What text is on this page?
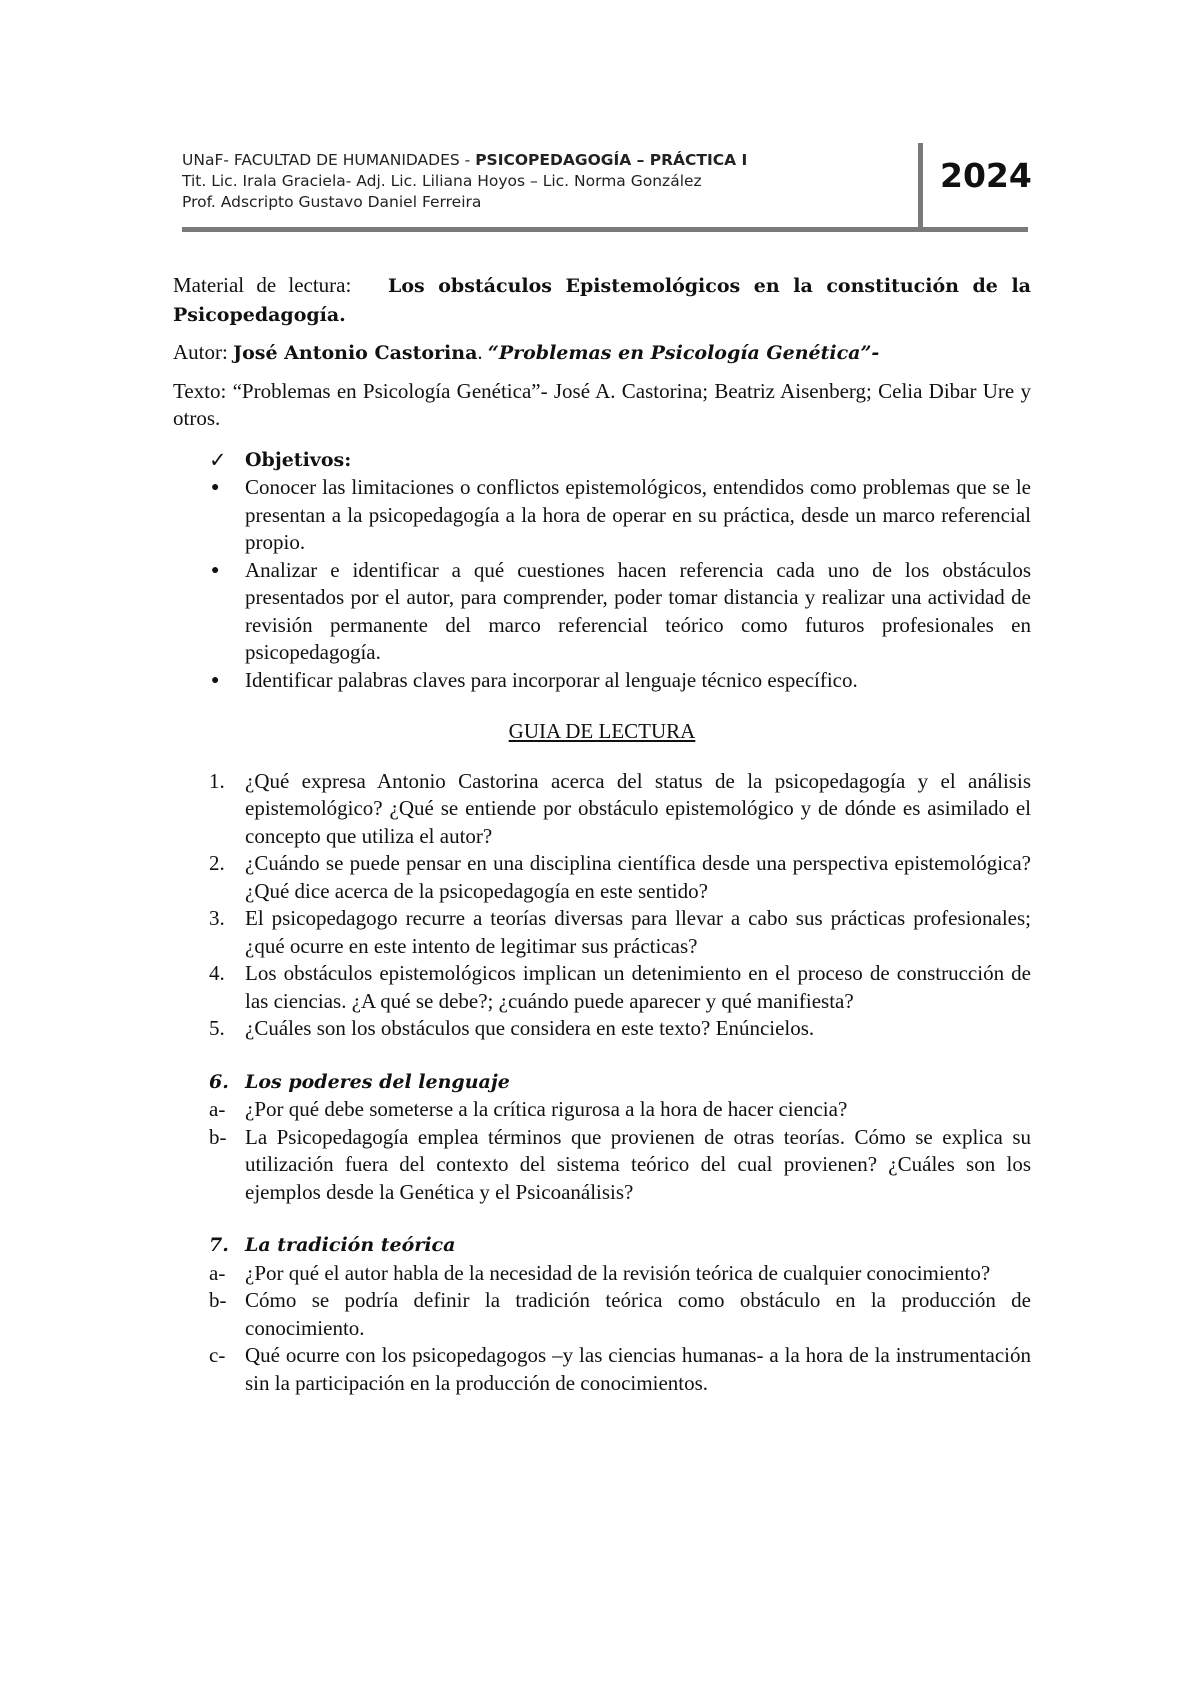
UNaF- FACULTAD DE HUMANIDADES - PSICOPEDAGOGÍA – PRÁCTICA I
Tit. Lic. Irala Graciela- Adj. Lic. Liliana Hoyos – Lic. Norma González
Prof. Adscripto Gustavo Daniel Ferreira
2024

Material de lectura: Los obstáculos Epistemológicos en la constitución de la Psicopedagogía.

Autor: José Antonio Castorina. “Problemas en Psicología Genética”-

Texto: “Problemas en Psicología Genética”- José A. Castorina; Beatriz Aisenberg; Celia Dibar Ure y otros.

✓ Objetivos:
●	Conocer las limitaciones o conflictos epistemológicos, entendidos como problemas que se le presentan a la psicopedagogía a la hora de operar en su práctica, desde un marco referencial propio.
●	Analizar e identificar a qué cuestiones hacen referencia cada uno de los obstáculos presentados por el autor, para comprender, poder tomar distancia y realizar una actividad de revisión permanente del marco referencial teórico como futuros profesionales en psicopedagogía.
●	Identificar palabras claves para incorporar al lenguaje técnico específico.
GUIA DE LECTURA
1. ¿Qué expresa Antonio Castorina acerca del status de la psicopedagogía y el análisis epistemológico? ¿Qué se entiende por obstáculo epistemológico y de dónde es asimilado el concepto que utiliza el autor?
2. ¿Cuándo se puede pensar en una disciplina científica desde una perspectiva epistemológica? ¿Qué dice acerca de la psicopedagogía en este sentido?
3. El psicopedagogo recurre a teorías diversas para llevar a cabo sus prácticas profesionales; ¿qué ocurre en este intento de legitimar sus prácticas?
4. Los obstáculos epistemológicos implican un detenimiento en el proceso de construcción de las ciencias. ¿A qué se debe?; ¿cuándo puede aparecer y qué manifiesta?
5. ¿Cuáles son los obstáculos que considera en este texto? Enúncielos.
6. Los poderes del lenguaje
a- ¿Por qué debe someterse a la crítica rigurosa a la hora de hacer ciencia?
b- La Psicopedagogía emplea términos que provienen de otras teorías. Cómo se explica su utilización fuera del contexto del sistema teórico del cual provienen? ¿Cuáles son los ejemplos desde la Genética y el Psicoanálisis?
7. La tradición teórica
a- ¿Por qué el autor habla de la necesidad de la revisión teórica de cualquier conocimiento?
b- Cómo se podría definir la tradición teórica como obstáculo en la producción de conocimiento.
c- Qué ocurre con los psicopedagogos –y las ciencias humanas- a la hora de la instrumentación sin la participación en la producción de conocimientos.
